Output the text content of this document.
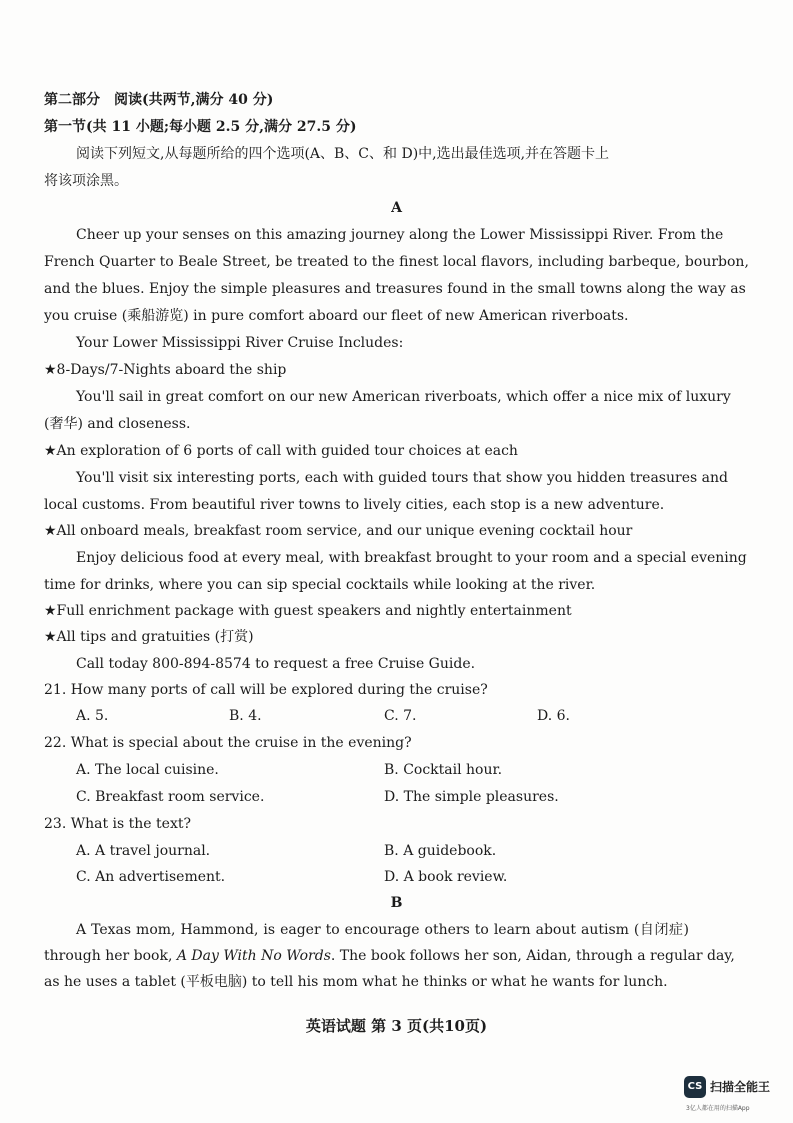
第二部分　阅读(共两节,满分 40 分)
第一节(共 11 小题;每小题 2.5 分,满分 27.5 分)
阅读下列短文,从每题所给的四个选项(A、B、C、和 D)中,选出最佳选项,并在答题卡上
将该项涂黑。
A
Cheer up your senses on this amazing journey along the Lower Mississippi River. From the
French Quarter to Beale Street, be treated to the finest local flavors, including barbeque, bourbon,
and the blues. Enjoy the simple pleasures and treasures found in the small towns along the way as
you cruise (乘船游览) in pure comfort aboard our fleet of new American riverboats.
Your Lower Mississippi River Cruise Includes:
★8-Days/7-Nights aboard the ship
You'll sail in great comfort on our new American riverboats, which offer a nice mix of luxury
(奢华) and closeness.
★An exploration of 6 ports of call with guided tour choices at each
You'll visit six interesting ports, each with guided tours that show you hidden treasures and
local customs. From beautiful river towns to lively cities, each stop is a new adventure.
★All onboard meals, breakfast room service, and our unique evening cocktail hour
Enjoy delicious food at every meal, with breakfast brought to your room and a special evening
time for drinks, where you can sip special cocktails while looking at the river.
★Full enrichment package with guest speakers and nightly entertainment
★All tips and gratuities (打赏)
Call today 800-894-8574 to request a free Cruise Guide.
21. How many ports of call will be explored during the cruise?
A. 5.	B. 4.	C. 7.	D. 6.
22. What is special about the cruise in the evening?
A. The local cuisine.	B. Cocktail hour.
C. Breakfast room service.	D. The simple pleasures.
23. What is the text?
A. A travel journal.	B. A guidebook.
C. An advertisement.	D. A book review.
B
A Texas mom, Hammond, is eager to encourage others to learn about autism (自闭症)
through her book, A Day With No Words. The book follows her son, Aidan, through a regular day,
as he uses a tablet (平板电脑) to tell his mom what he thinks or what he wants for lunch.
英语试题 第 3 页(共10页)
CS 扫描全能王
3亿人都在用的扫描App
